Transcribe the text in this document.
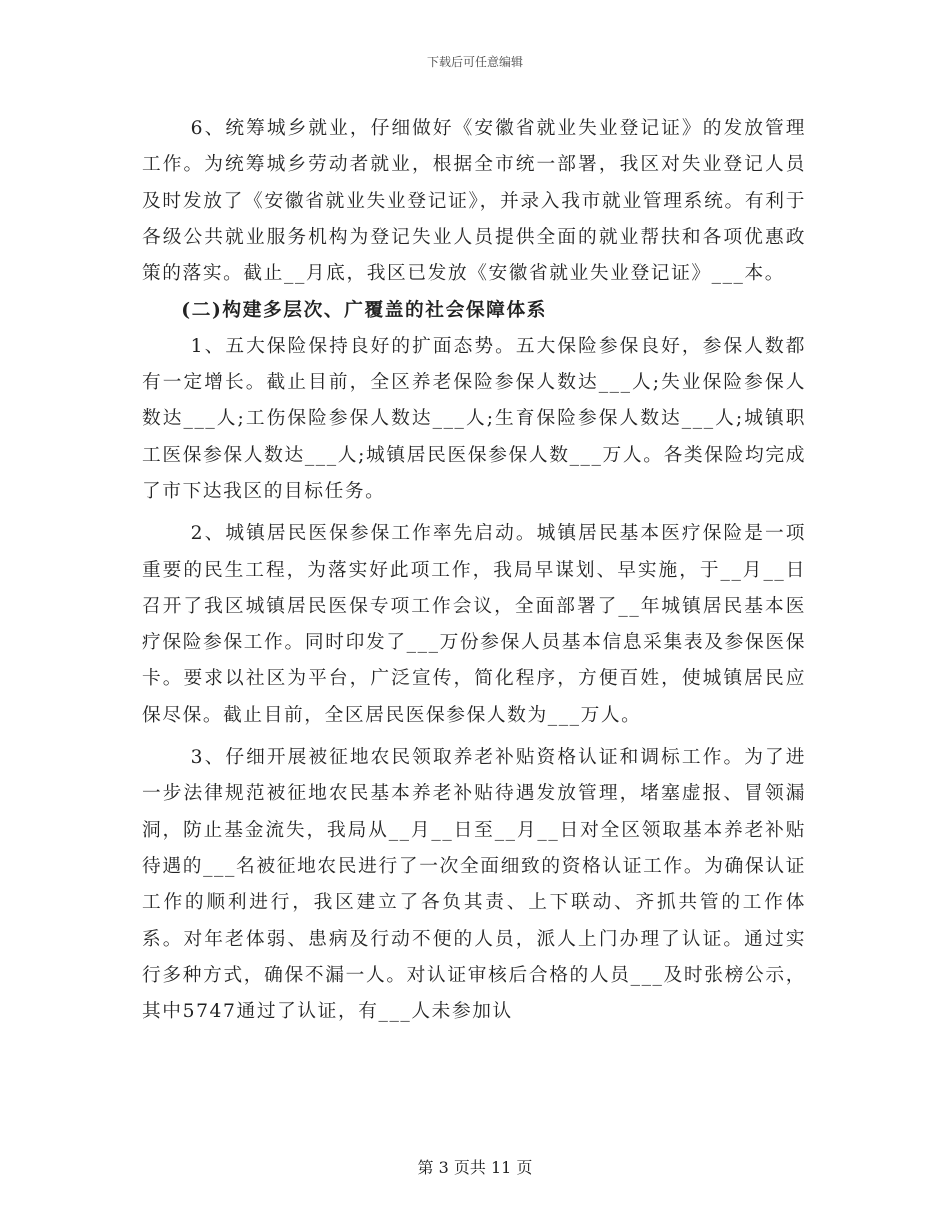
下载后可任意编辑

6、统筹城乡就业，仔细做好《安徽省就业失业登记证》的发放管理工作。为统筹城乡劳动者就业，根据全市统一部署，我区对失业登记人员及时发放了《安徽省就业失业登记证》，并录入我市就业管理系统。有利于各级公共就业服务机构为登记失业人员提供全面的就业帮扶和各项优惠政策的落实。截止__月底，我区已发放《安徽省就业失业登记证》___本。

(二)构建多层次、广覆盖的社会保障体系

1、五大保险保持良好的扩面态势。五大保险参保良好，参保人数都有一定增长。截止目前，全区养老保险参保人数达___人;失业保险参保人数达___人;工伤保险参保人数达___人;生育保险参保人数达___人;城镇职工医保参保人数达___人;城镇居民医保参保人数___万人。各类保险均完成了市下达我区的目标任务。

2、城镇居民医保参保工作率先启动。城镇居民基本医疗保险是一项重要的民生工程，为落实好此项工作，我局早谋划、早实施，于__月__日召开了我区城镇居民医保专项工作会议，全面部署了__年城镇居民基本医疗保险参保工作。同时印发了___万份参保人员基本信息采集表及参保医保卡。要求以社区为平台，广泛宣传，简化程序，方便百姓，使城镇居民应保尽保。截止目前，全区居民医保参保人数为___万人。

3、仔细开展被征地农民领取养老补贴资格认证和调标工作。为了进一步法律规范被征地农民基本养老补贴待遇发放管理，堵塞虚报、冒领漏洞，防止基金流失，我局从__月__日至__月__日对全区领取基本养老补贴待遇的___名被征地农民进行了一次全面细致的资格认证工作。为确保认证工作的顺利进行，我区建立了各负其责、上下联动、齐抓共管的工作体系。对年老体弱、患病及行动不便的人员，派人上门办理了认证。通过实行多种方式，确保不漏一人。对认证审核后合格的人员___及时张榜公示，其中5747通过了认证，有___人未参加认

第 3 页共 11 页
